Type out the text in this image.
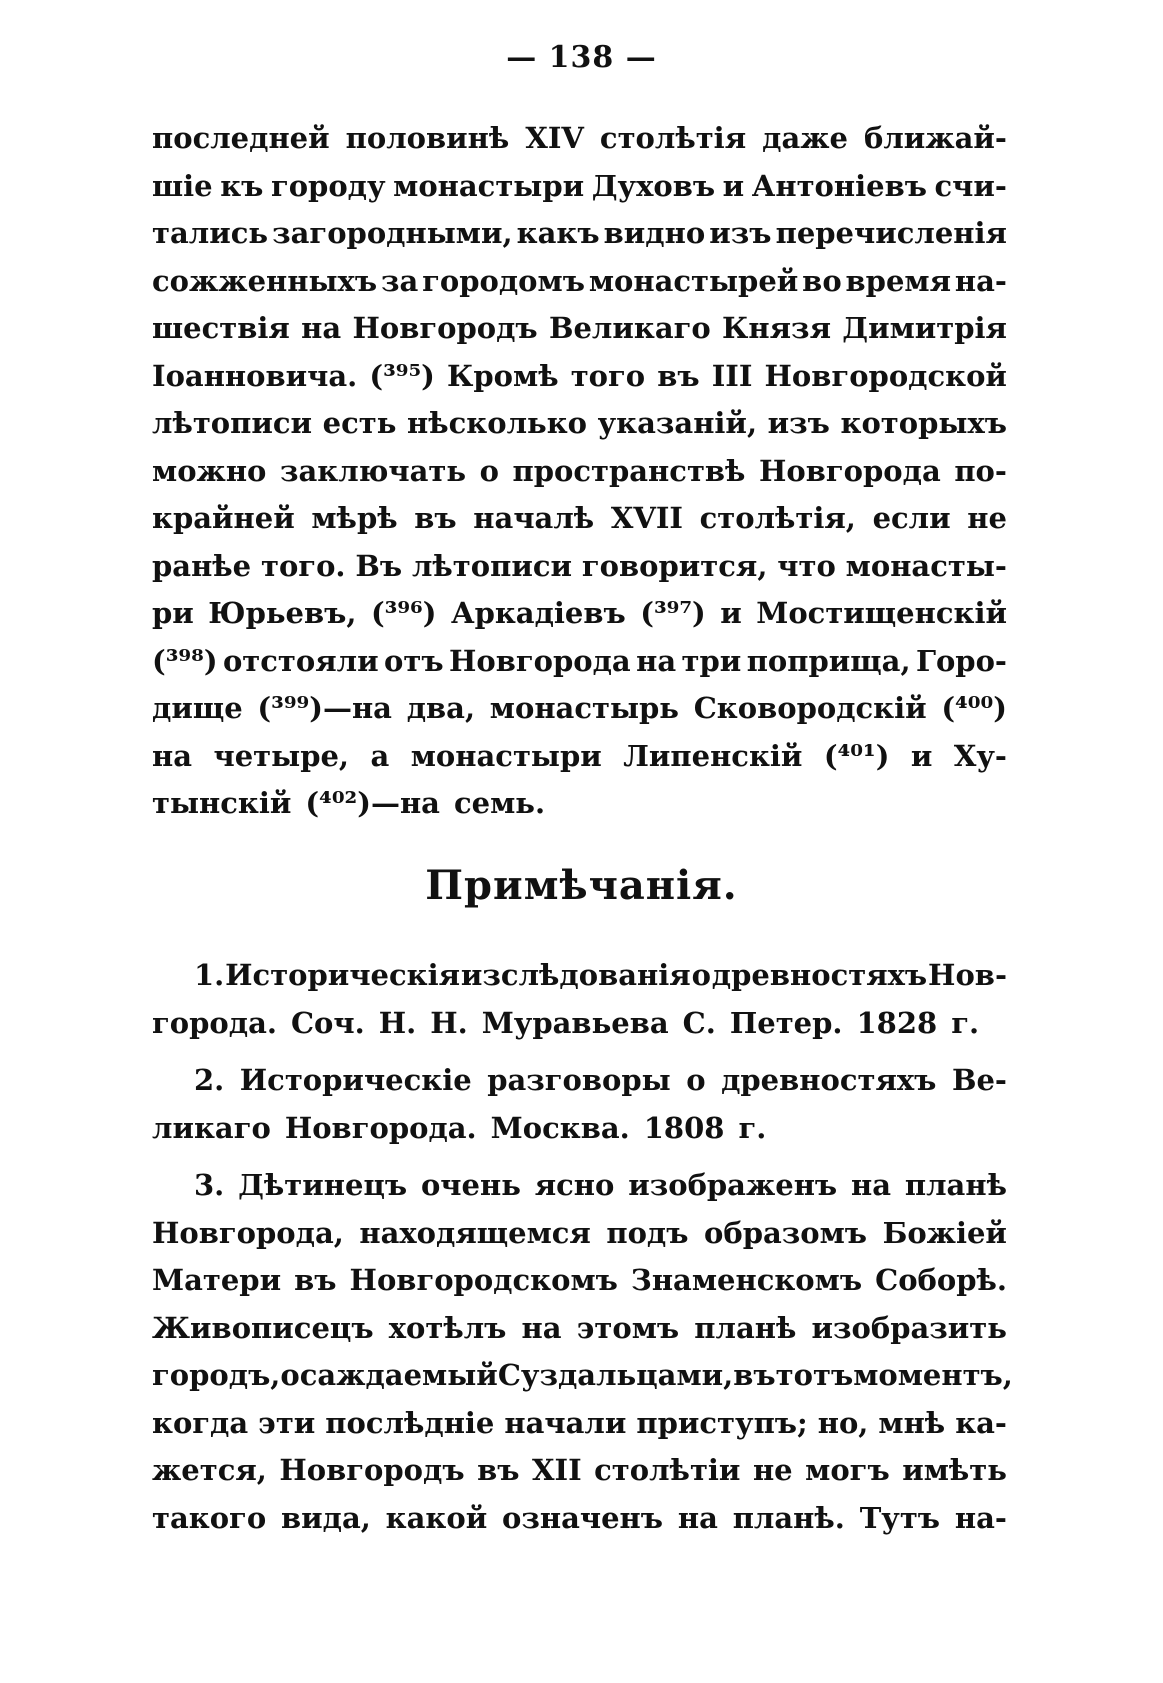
— 138 —
последней половинѣ XIV столѣтія даже ближай-
шіе къ городу монастыри Духовъ и Антоніевъ счи-
тались загородными, какъ видно изъ перечисленія
сожженныхъ за городомъ монастырей во время на-
шествія на Новгородъ Великаго Князя Димитрія
Іоанновича. (³⁹⁵) Кромѣ того въ III Новгородской
лѣтописи есть нѣсколько указаній, изъ которыхъ
можно заключать о пространствѣ Новгорода по-
крайней мѣрѣ въ началѣ XVII столѣтія, если не
ранѣе того. Въ лѣтописи говорится, что монасты-
ри Юрьевъ, (³⁹⁶) Аркадіевъ (³⁹⁷) и Мостищенскій
(³⁹⁸) отстояли отъ Новгорода на три поприща, Горо-
дище (³⁹⁹)—на два, монастырь Сковородскій (⁴⁰⁰)
на четыре, а монастыри Липенскій (⁴⁰¹) и Ху-
тынскій (⁴⁰²)—на семь.
Примѣчанія.
1. Историческія изслѣдованія о древностяхъ Нов-
города. Соч. Н. Н. Муравьева С. Петер. 1828 г.
2. Историческіе разговоры о древностяхъ Ве-
ликаго Новгорода. Москва. 1808 г.
3. Дѣтинецъ очень ясно изображенъ на планѣ
Новгорода, находящемся подъ образомъ Божіей
Матери въ Новгородскомъ Знаменскомъ Соборѣ.
Живописецъ хотѣлъ на этомъ планѣ изобразить
городъ, осаждаемый Суздальцами, въ тотъ моментъ,
когда эти послѣдніе начали приступъ; но, мнѣ ка-
жется, Новгородъ въ XII столѣтіи не могъ имѣть
такого вида, какой означенъ на планѣ. Тутъ на-
